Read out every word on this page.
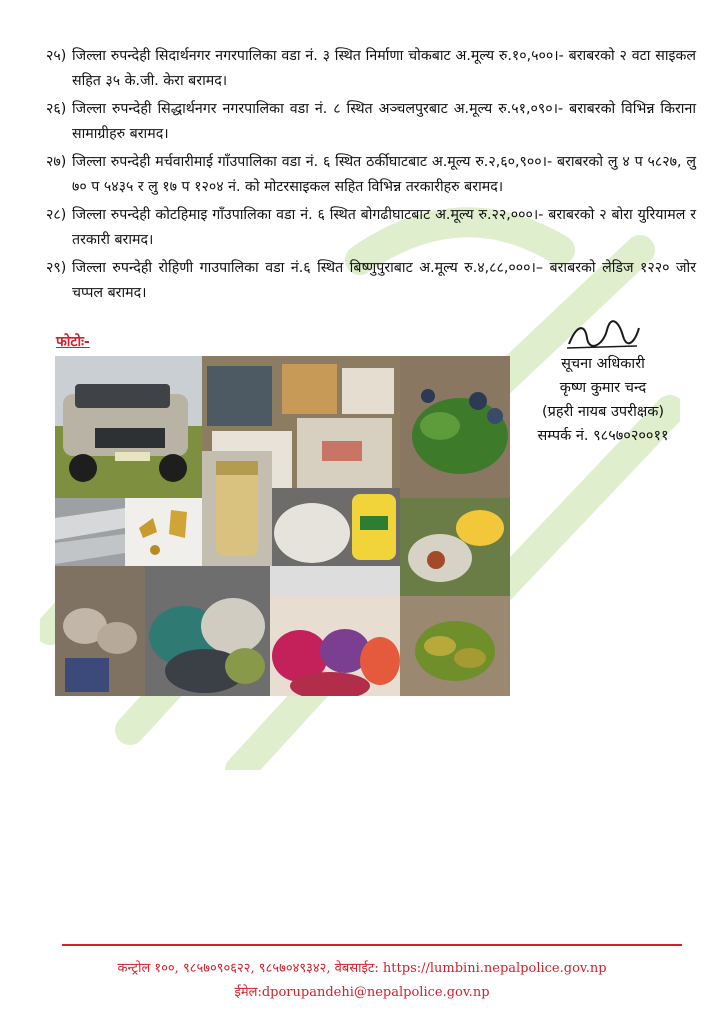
२५) जिल्ला रुपन्देही सिदार्थनगर नगरपालिका वडा नं. ३ स्थित निर्माणा चोकबाट अ.मूल्य रु.१०,५००।- बराबरको २ वटा साइकल सहित ३५ के.जी. केरा बरामद।
२६) जिल्ला रुपन्देही सिद्धार्थनगर नगरपालिका वडा नं. ८ स्थित अञ्चलपुरबाट अ.मूल्य रु.५१,०९०।- बराबरको विभिन्न किराना सामाग्रीहरु बरामद।
२७) जिल्ला रुपन्देही मर्चवारीमाई गाँउपालिका वडा नं. ६ स्थित ठर्कीघाटबाट अ.मूल्य रु.२,६०,९००।- बराबरको लु ४ प ५८२७, लु ७० प ५४३५ र लु १७ प १२०४ नं. को मोटरसाइकल सहित विभिन्न तरकारीहरु बरामद।
२८) जिल्ला रुपन्देही कोटहिमाइ गाँउपालिका वडा नं. ६ स्थित बोगढीघाटबाट अ.मूल्य रु.२२,०००।- बराबरको २ बोरा युरियामल र तरकारी बरामद।
२९) जिल्ला रुपन्देही रोहिणी गाउपालिका वडा नं.६ स्थित बिष्णुपुराबाट अ.मूल्य रु.४,८८,०००।– बराबरको लेडिज १२२० जोर चप्पल बरामद।
फोटोः-
सूचना अधिकारी
कृष्ण कुमार चन्द
(प्रहरी नायब उपरीक्षक)
सम्पर्क नं. ९८५७०२००११
कन्ट्रोल १००, ९८५७०९०६२२, ९८५७०४९३४२, वेबसाईट: https://lumbini.nepalpolice.gov.np
ईमेल:dporupandehi@nepalpolice.gov.np
